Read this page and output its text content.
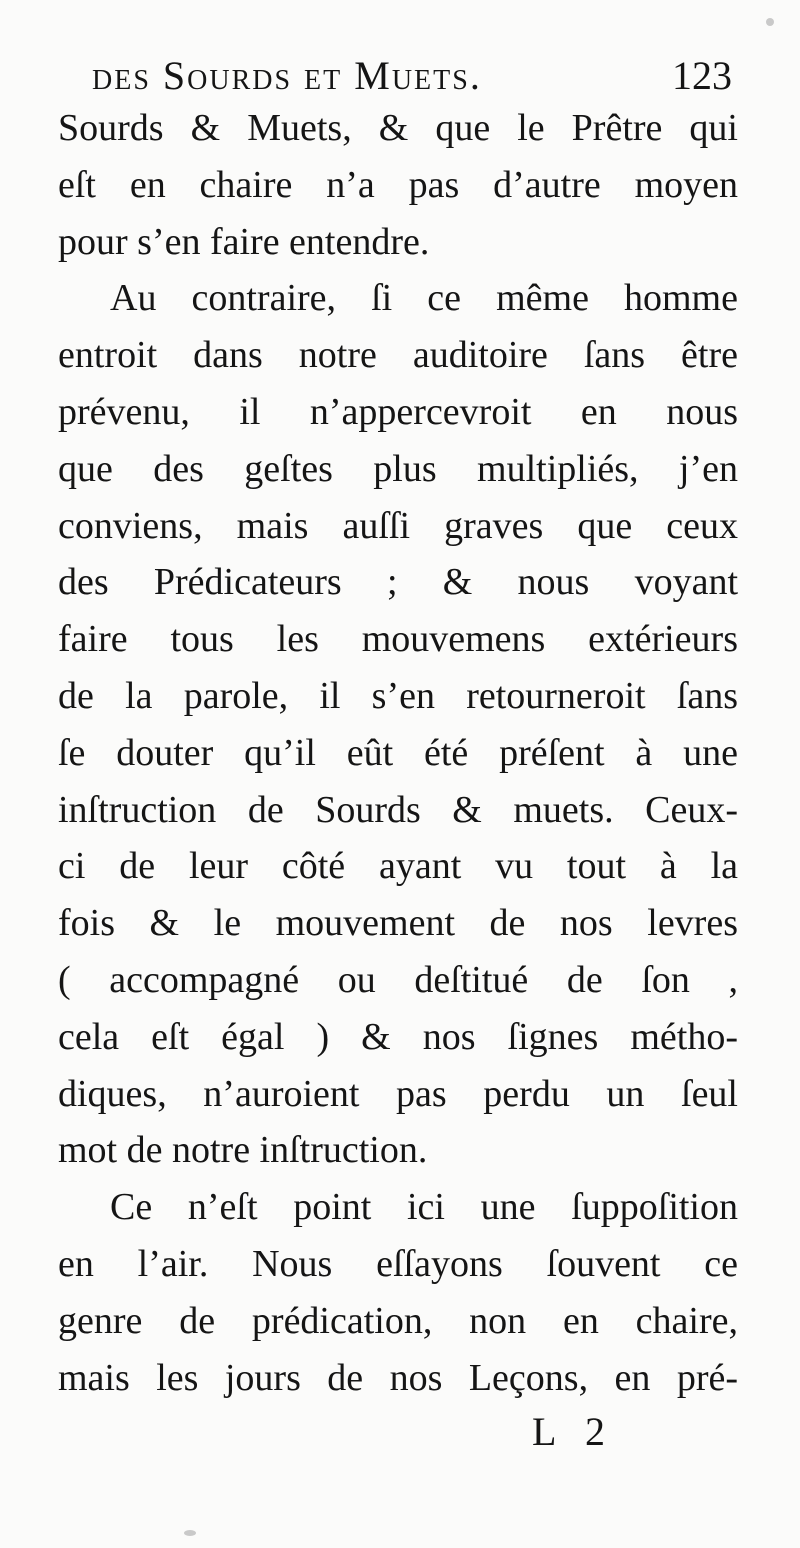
des Sourds et Muets.	123
Sourds & Muets, & que le Prêtre qui
eſt en chaire n’a pas d’autre moyen
pour s’en faire entendre.
Au contraire, ſi ce même homme
entroit dans notre auditoire ſans être
prévenu, il n’appercevroit en nous
que des geſtes plus multipliés, j’en
conviens, mais auſſi graves que ceux
des Prédicateurs ; & nous voyant
faire tous les mouvemens extérieurs
de la parole, il s’en retourneroit ſans
ſe douter qu’il eût été préſent à une
inſtruction de Sourds & muets. Ceux-
ci de leur côté ayant vu tout à la
fois & le mouvement de nos levres
( accompagné ou deſtitué de ſon ,
cela eſt égal ) & nos ſignes métho-
diques, n’auroient pas perdu un ſeul
mot de notre inſtruction.
Ce n’eſt point ici une ſuppoſition
en l’air. Nous eſſayons ſouvent ce
genre de prédication, non en chaire,
mais les jours de nos Leçons, en pré-
L 2
